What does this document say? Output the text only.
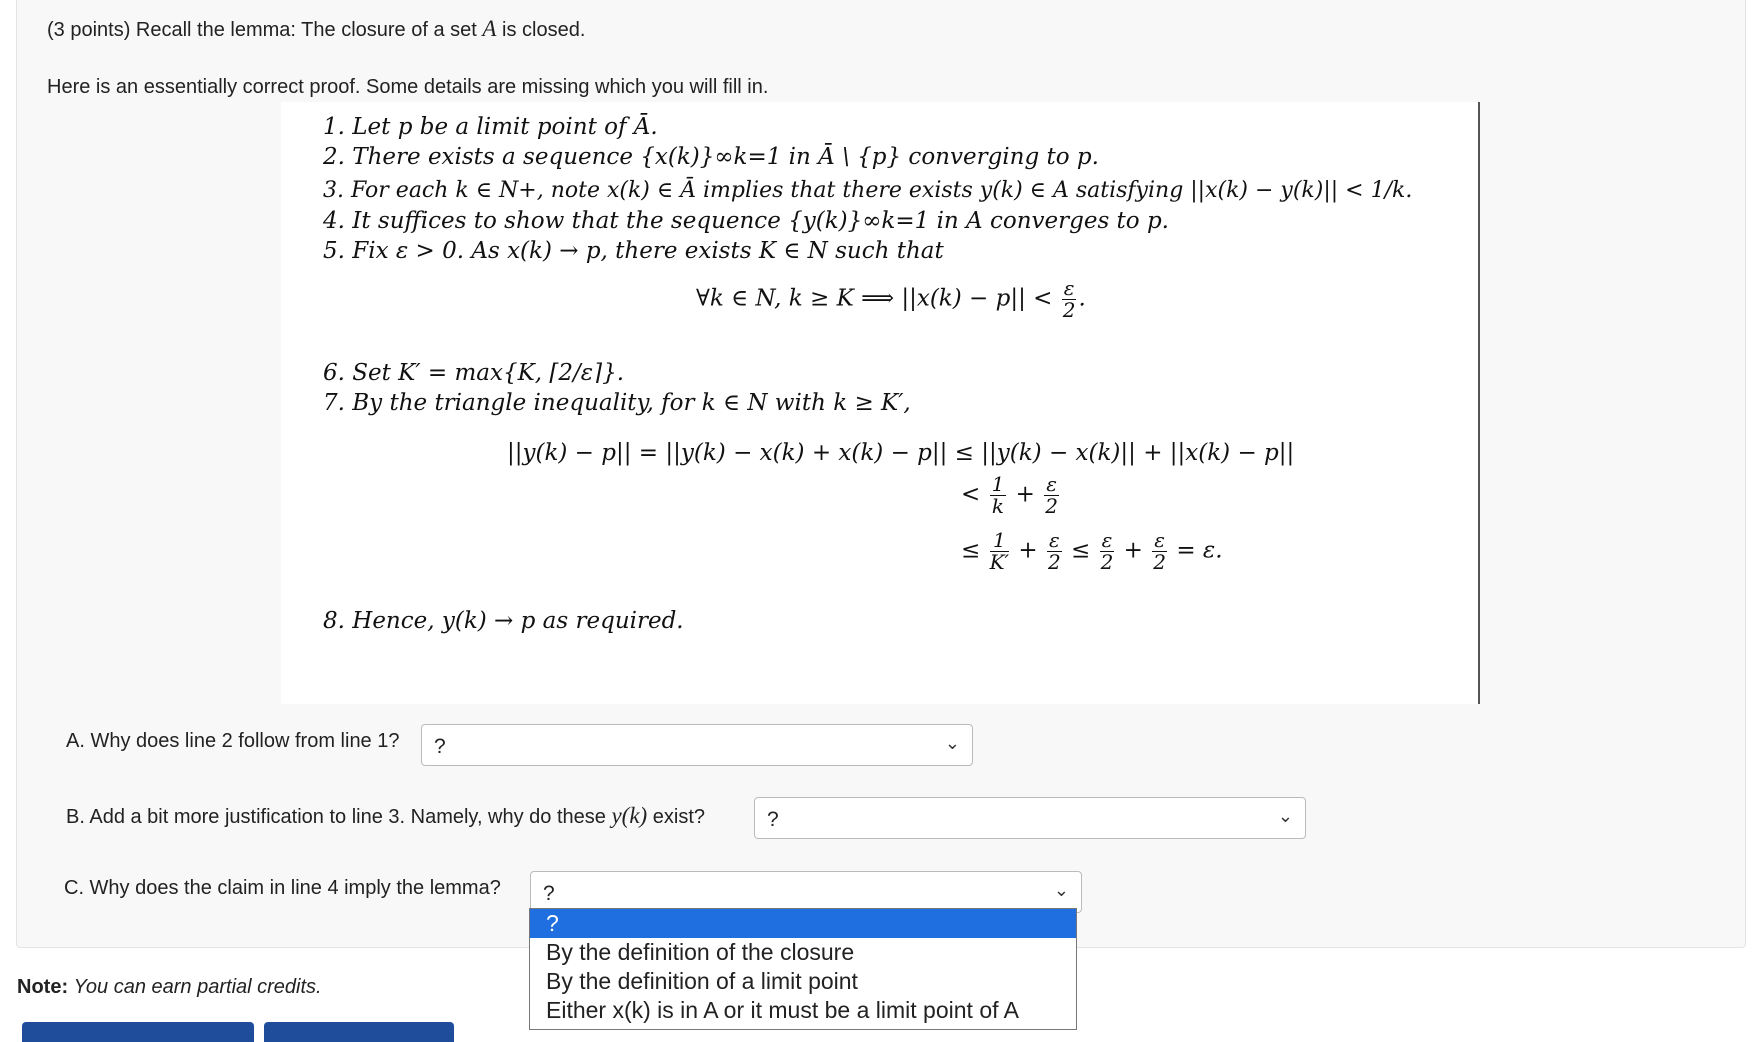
(3 points) Recall the lemma: The closure of a set A is closed.
Here is an essentially correct proof. Some details are missing which you will fill in.
1. Let p be a limit point of Ā.
2. There exists a sequence {x(k)}∞k=1 in Ā \ {p} converging to p.
3. For each k ∈ N+, note x(k) ∈ Ā implies that there exists y(k) ∈ A satisfying ||x(k) − y(k)|| < 1/k.
4. It suffices to show that the sequence {y(k)}∞k=1 in A converges to p.
5. Fix ε > 0. As x(k) → p, there exists K ∈ N such that
∀k ∈ N, k ≥ K ⟹ $||x(k) - p|| < \frac{\varepsilon}{2}$ .
6. Set K′ = max{K, ⌈2/ε⌉}.
7. By the triangle inequality, for k ∈ N with k ≥ K′,
||y(k) − p|| = ||y(k) − x(k) + x(k) − p|| ≤ ||y(k) − x(k)|| + ||x(k) − p||
< $\frac{1}{k} + \frac{\varepsilon}{2}$
≤ $\frac{1}{K'} + \frac{\varepsilon}{2} \le \frac{\varepsilon}{2} + \frac{\varepsilon}{2} = \varepsilon$.
8. Hence, y(k) → p as required.
A. Why does line 2 follow from line 1?	?	⌄
B. Add a bit more justification to line 3. Namely, why do these y(k) exist?	?	⌄
C. Why does the claim in line 4 imply the lemma?	?	⌄
?
By the definition of the closure
By the definition of a limit point
Either x(k) is in A or it must be a limit point of A
Note: You can earn partial credits.
